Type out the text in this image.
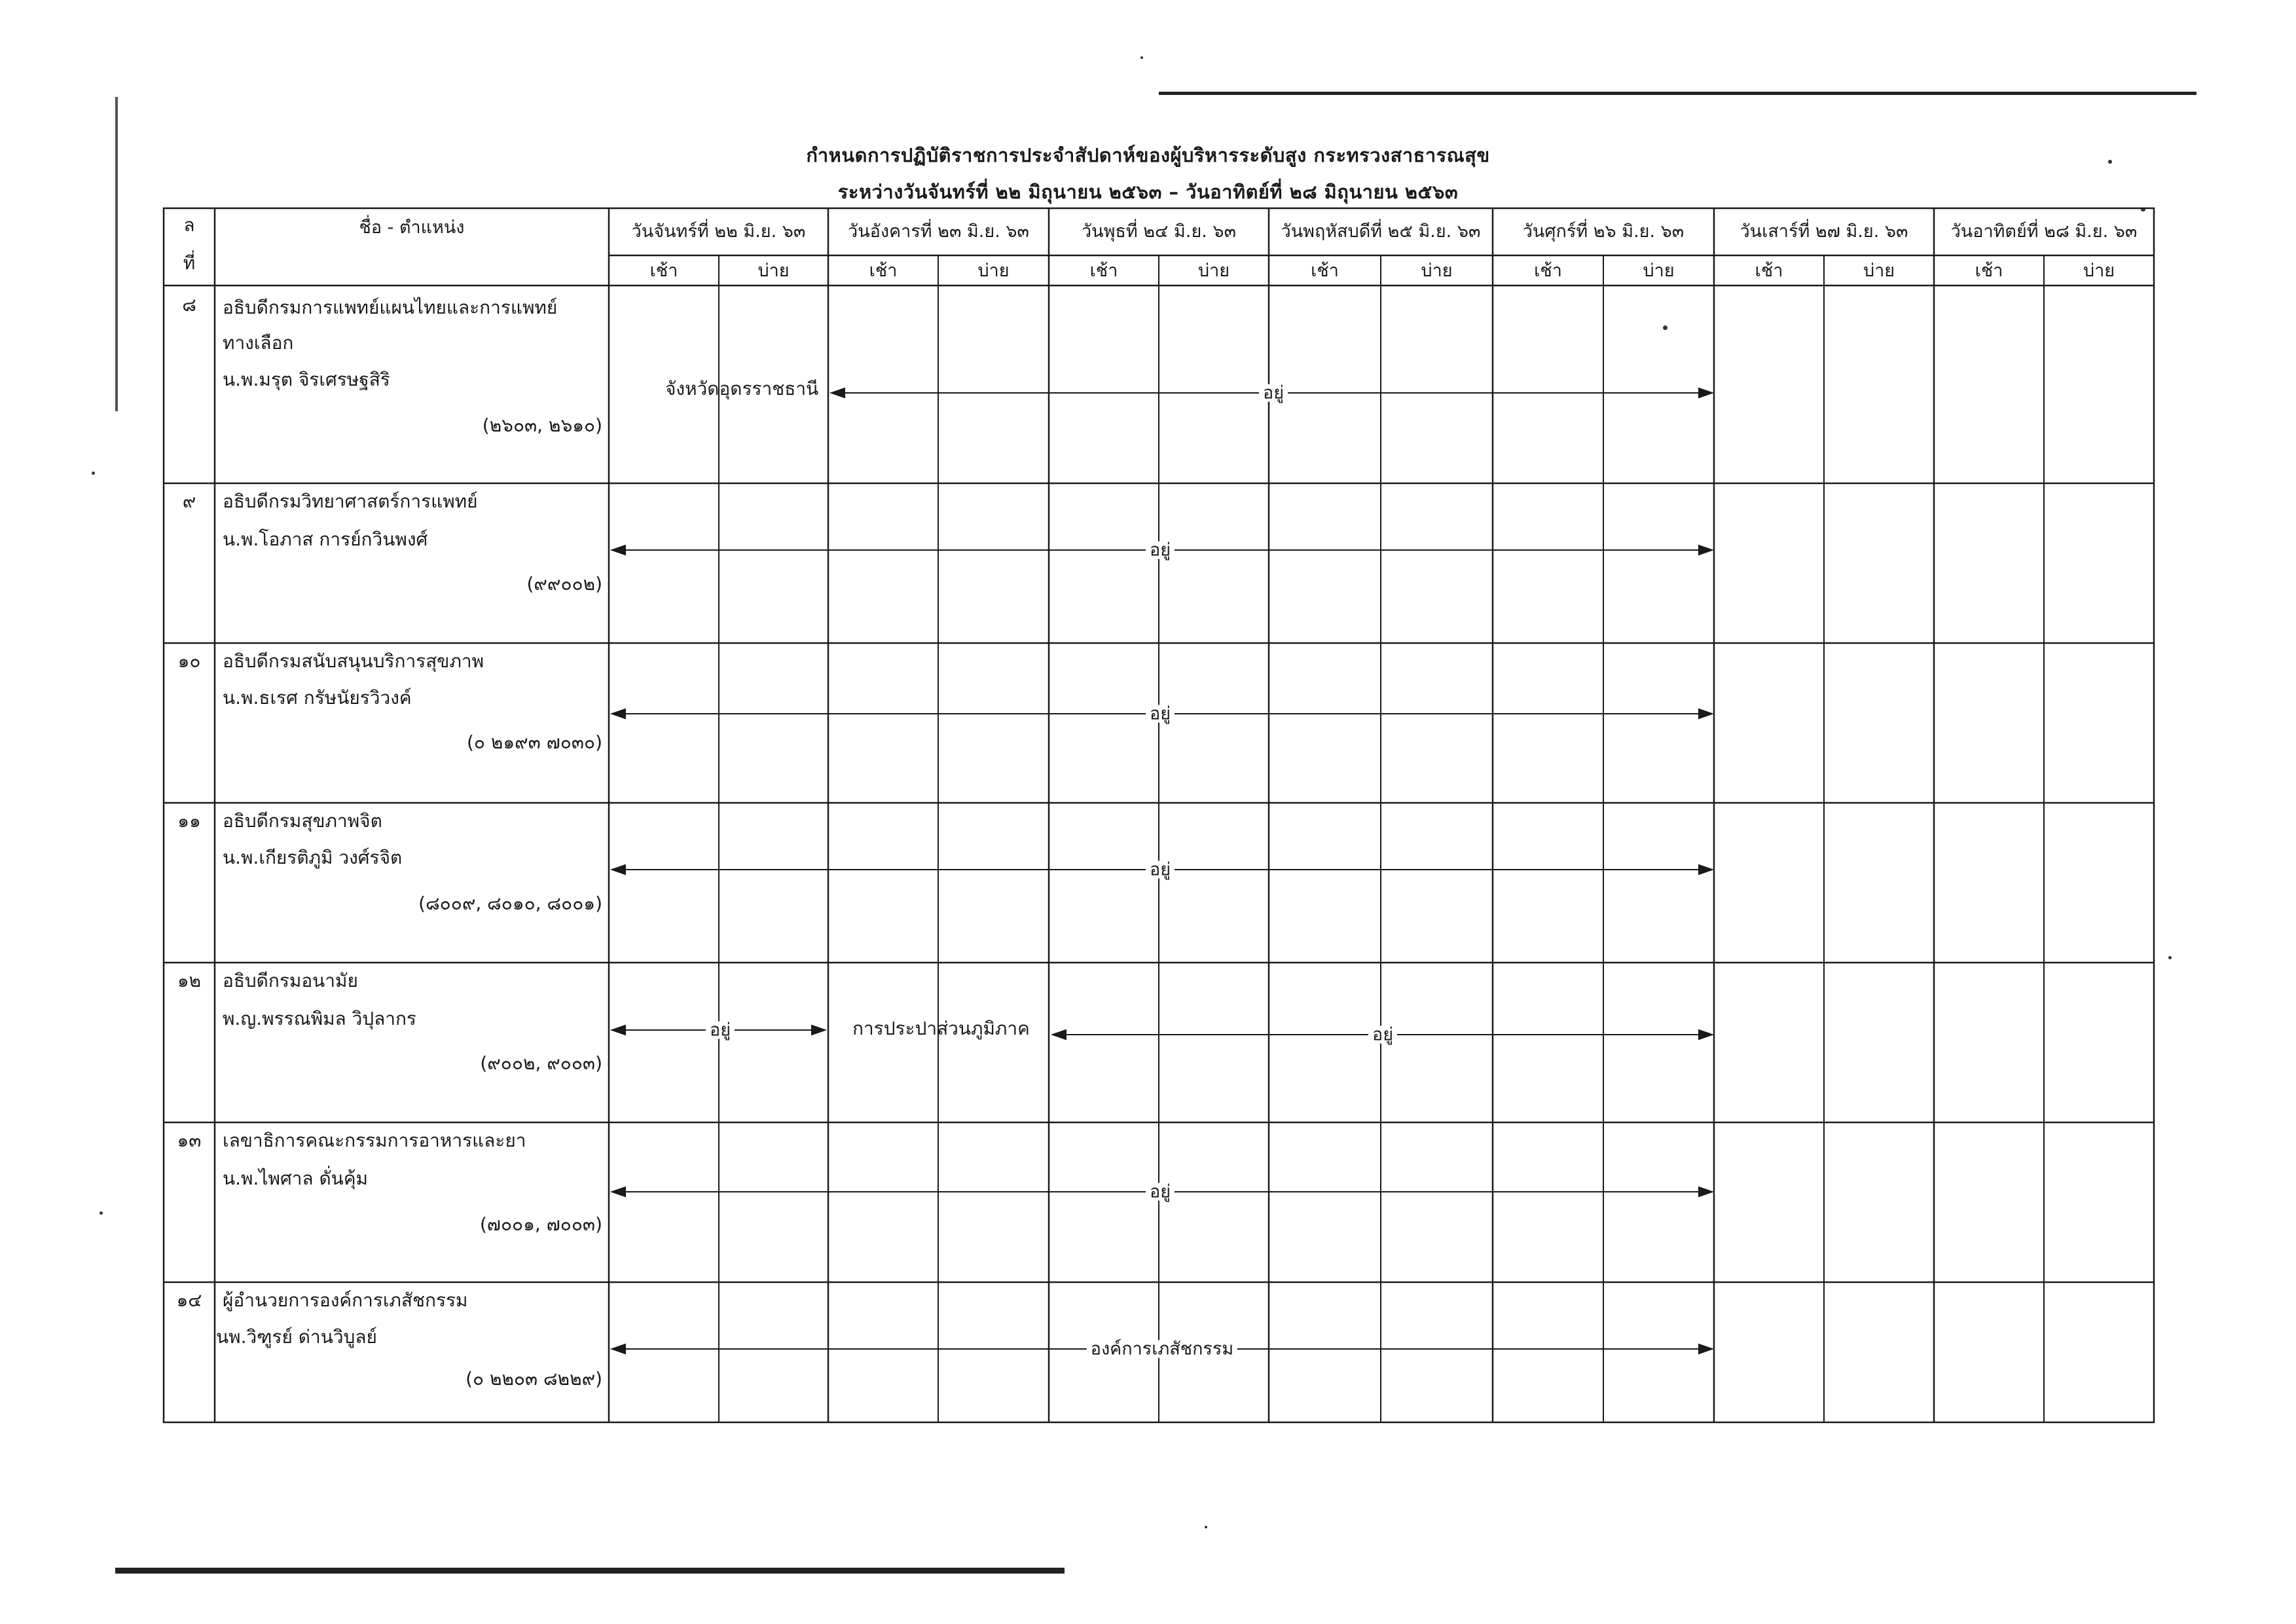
กำหนดการปฏิบัติราชการประจำสัปดาห์ของผู้บริหารระดับสูง กระทรวงสาธารณสุข
ระหว่างวันจันทร์ที่ ๒๒ มิถุนายน ๒๕๖๓ – วันอาทิตย์ที่ ๒๘ มิถุนายน ๒๕๖๓
ล
ที่
ชื่อ - ตำแหน่ง	วันจันทร์ที่ ๒๒ มิ.ย. ๖๓	วันอังคารที่ ๒๓ มิ.ย. ๖๓	วันพุธที่ ๒๔ มิ.ย. ๖๓	วันพฤหัสบดีที่ ๒๕ มิ.ย. ๖๓	วันศุกร์ที่ ๒๖ มิ.ย. ๖๓	วันเสาร์ที่ ๒๗ มิ.ย. ๖๓	วันอาทิตย์ที่ ๒๘ มิ.ย. ๖๓
เช้า	บ่าย	เช้า	บ่าย	เช้า	บ่าย	เช้า	บ่าย	เช้า	บ่าย	เช้า	บ่าย	เช้า	บ่าย
๘	อธิบดีกรมการแพทย์แผนไทยและการแพทย์
ทางเลือก
น.พ.มรุต จิรเศรษฐสิริ
(๒๖๐๓, ๒๖๑๐)
จังหวัดอุดรราชธานี	อยู่
๙	อธิบดีกรมวิทยาศาสตร์การแพทย์
น.พ.โอภาส การย์กวินพงศ์
(๙๙๐๐๒)
อยู่
๑๐	อธิบดีกรมสนับสนุนบริการสุขภาพ
น.พ.ธเรศ กรัษนัยรวิวงค์
(๐ ๒๑๙๓ ๗๐๓๐)
อยู่
๑๑	อธิบดีกรมสุขภาพจิต
น.พ.เกียรติภูมิ วงศ์รจิต
(๘๐๐๙, ๘๐๑๐, ๘๐๐๑)
อยู่
๑๒	อธิบดีกรมอนามัย
พ.ญ.พรรณพิมล วิปุลากร
(๙๐๐๒, ๙๐๐๓)
อยู่	การประปาส่วนภูมิภาค	อยู่
๑๓	เลขาธิการคณะกรรมการอาหารและยา
น.พ.ไพศาล ดั่นคุ้ม
(๗๐๐๑, ๗๐๐๓)
อยู่
๑๔	ผู้อำนวยการองค์การเภสัชกรรม
นพ.วิฑูรย์ ด่านวิบูลย์
(๐ ๒๒๐๓ ๘๒๒๙)
องค์การเภสัชกรรม
